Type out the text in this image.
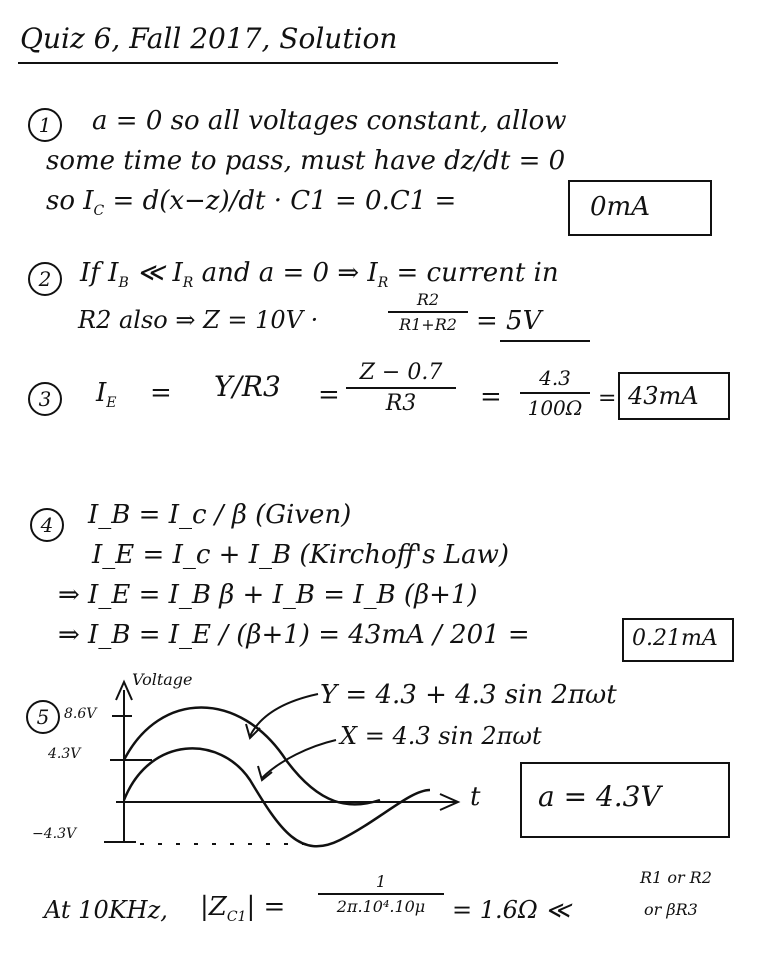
Quiz 6, Fall 2017, Solution
1	a = 0 so all voltages constant, allow
some time to pass, must have dz/dt = 0
so $I_C = d(x-z)/dt \cdot C1 = 0.C1$ =	0mA
2	If $I_B$ ≪ $I_R$ and a = 0 ⇒ $I_R$ = current in
R2 also ⇒ Z = 10V ·
R2
R1+R2 = 5V
3	$I_E = Y/R3$ =
Z − 0.7
R3	=
4.3
100Ω = 43mA
4	I_B = I_c / β (Given)
I_E = I_c + I_B (Kirchoff's Law)
⇒ I_E = I_B β + I_B = I_B (β+1)
⇒ I_B = I_E / (β+1) = 43mA / 201 =	0.21mA
5
Voltage
8.6V
4.3V
−4.3V
t
Y = 4.3 + 4.3 sin 2πωt
X = 4.3 sin 2πωt
a = 4.3V
At 10KHz, $|Z_{C1}|$ =
1
2π.10⁴.10μ	= 1.6Ω ≪
R1 or R2
or βR3
